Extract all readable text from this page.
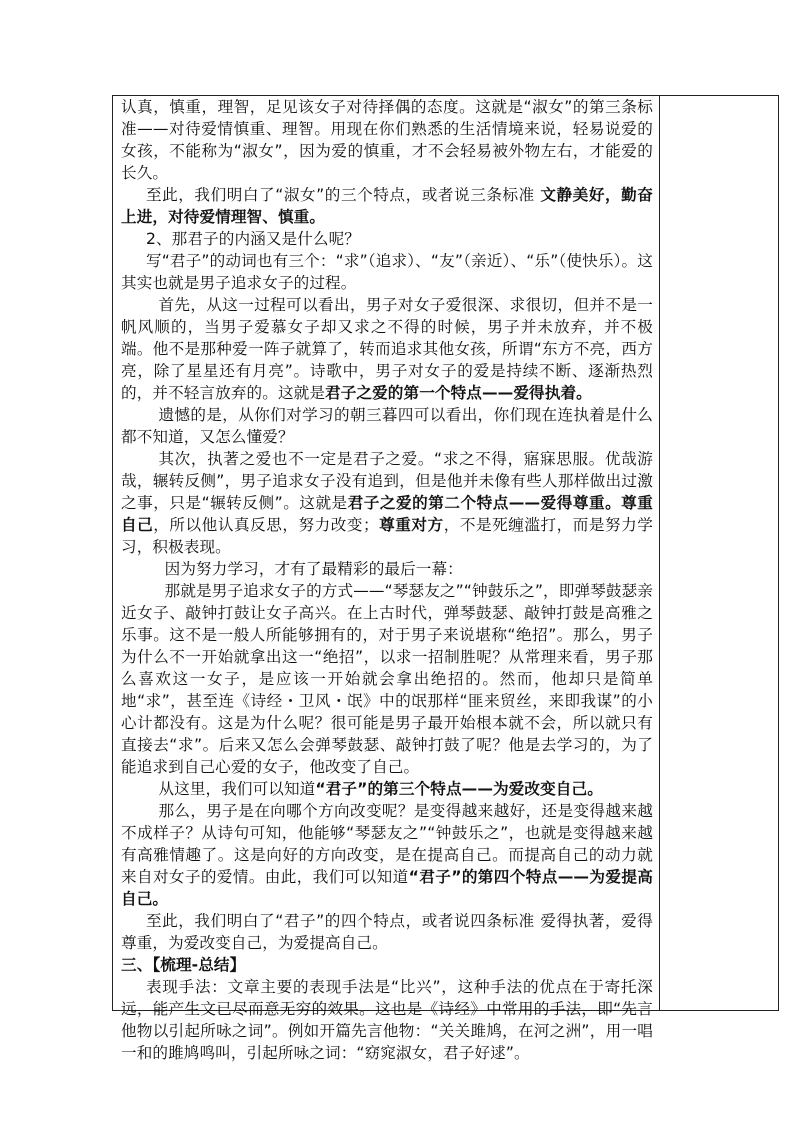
认真，慎重，理智，足见该女子对待择偶的态度。这就是“淑女”的第三条标准——对待爱情慎重、理智。用现在你们熟悉的生活情境来说，轻易说爱的女孩，不能称为“淑女”，因为爱的慎重，才不会轻易被外物左右，才能爱的长久。

至此，我们明白了“淑女”的三个特点，或者说三条标准 文静美好，勤奋上进，对待爱情理智、慎重。

2、那君子的内涵又是什么呢？

写“君子”的动词也有三个：“求”（追求）、“友”（亲近）、“乐”（使快乐）。这其实也就是男子追求女子的过程。

首先，从这一过程可以看出，男子对女子爱很深、求很切，但并不是一帆风顺的，当男子爱慕女子却又求之不得的时候，男子并未放弃，并不极端。他不是那种爱一阵子就算了，转而追求其他女孩，所谓“东方不亮，西方亮，除了星星还有月亮”。诗歌中，男子对女子的爱是持续不断、逐渐热烈的，并不轻言放弃的。这就是君子之爱的第一个特点——爱得执着。

遗憾的是，从你们对学习的朝三暮四可以看出，你们现在连执着是什么都不知道，又怎么懂爱？

其次，执著之爱也不一定是君子之爱。“求之不得，寤寐思服。优哉游哉，辗转反侧”，男子追求女子没有追到，但是他并未像有些人那样做出过激之事，只是“辗转反侧”。这就是君子之爱的第二个特点——爱得尊重。尊重自己，所以他认真反思，努力改变；尊重对方，不是死缠滥打，而是努力学习，积极表现。

因为努力学习，才有了最精彩的最后一幕：

那就是男子追求女子的方式——“琴瑟友之”“钟鼓乐之”，即弹琴鼓瑟亲近女子、敲钟打鼓让女子高兴。在上古时代，弹琴鼓瑟、敲钟打鼓是高雅之乐事。这不是一般人所能够拥有的，对于男子来说堪称“绝招”。那么，男子为什么不一开始就拿出这一“绝招”，以求一招制胜呢？从常理来看，男子那么喜欢这一女子，是应该一开始就会拿出绝招的。然而，他却只是简单地“求”，甚至连《诗经・卫风・氓》中的氓那样“匪来贸丝，来即我谋”的小心计都没有。这是为什么呢？很可能是男子最开始根本就不会，所以就只有直接去“求”。后来又怎么会弹琴鼓瑟、敲钟打鼓了呢？他是去学习的，为了能追求到自己心爱的女子，他改变了自己。

从这里，我们可以知道“君子”的第三个特点——为爱改变自己。

那么，男子是在向哪个方向改变呢？是变得越来越好，还是变得越来越不成样子？从诗句可知，他能够“琴瑟友之”“钟鼓乐之”，也就是变得越来越有高雅情趣了。这是向好的方向改变，是在提高自己。而提高自己的动力就来自对女子的爱情。由此，我们可以知道“君子”的第四个特点——为爱提高自己。

至此，我们明白了“君子”的四个特点，或者说四条标准 爱得执著，爱得尊重，为爱改变自己，为爱提高自己。

三、【梳理-总结】

表现手法：文章主要的表现手法是“比兴”，这种手法的优点在于寄托深远，能产生文已尽而意无穷的效果。这也是《诗经》中常用的手法，即“先言他物以引起所咏之词”。例如开篇先言他物：“关关雎鸠，在河之洲”，用一唱一和的雎鸠鸣叫，引起所咏之词：“窈窕淑女，君子好逑”。
